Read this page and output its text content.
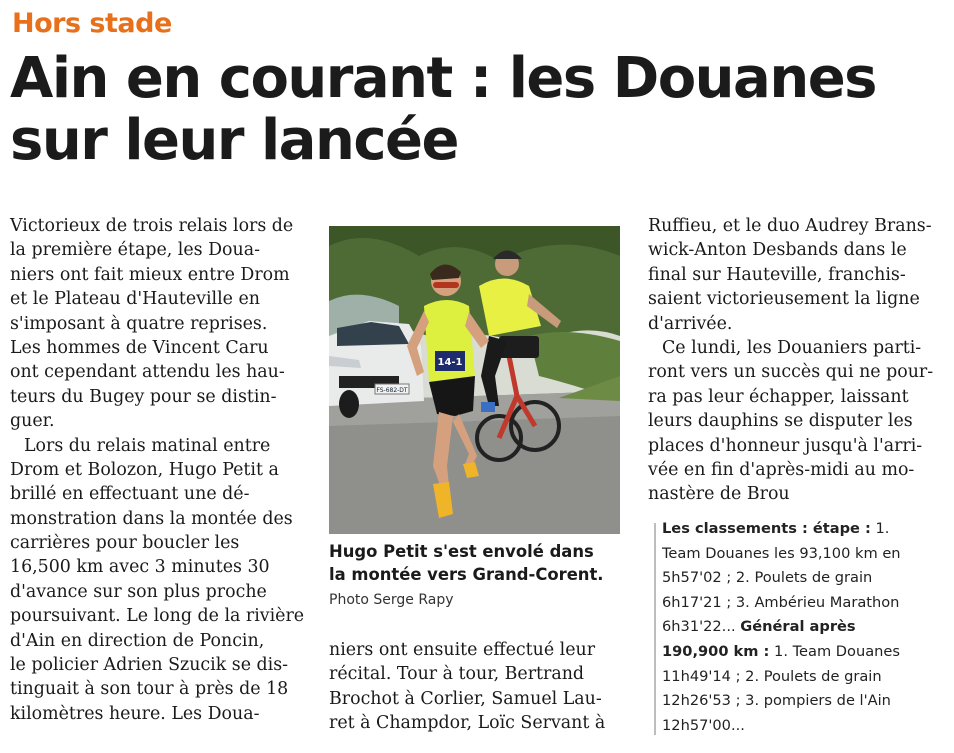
Hors stade
Ain en courant : les Douanes
sur leur lancée
Victorieux de trois relais lors de
la première étape, les Doua-
niers ont fait mieux entre Drom
et le Plateau d'Hauteville en
s'imposant à quatre reprises.
Les hommes de Vincent Caru
ont cependant attendu les hau-
teurs du Bugey pour se distin-
guer.
Lors du relais matinal entre
Drom et Bolozon, Hugo Petit a
brillé en effectuant une dé-
monstration dans la montée des
carrières pour boucler les
16,500 km avec 3 minutes 30
d'avance sur son plus proche
poursuivant. Le long de la rivière
d'Ain en direction de Poncin,
le policier Adrien Szucik se dis-
tinguait à son tour à près de 18
kilomètres heure. Les Doua-
FS-682-DT
14-1
Hugo Petit s'est envolé dans
la montée vers Grand-Corent.
Photo Serge Rapy
niers ont ensuite effectué leur
récital. Tour à tour, Bertrand
Brochot à Corlier, Samuel Lau-
ret à Champdor, Loïc Servant à
Ruffieu, et le duo Audrey Brans-
wick-Anton Desbands dans le
final sur Hauteville, franchis-
saient victorieusement la ligne
d'arrivée.
Ce lundi, les Douaniers parti-
ront vers un succès qui ne pour-
ra pas leur échapper, laissant
leurs dauphins se disputer les
places d'honneur jusqu'à l'arri-
vée en fin d'après-midi au mo-
nastère de Brou
Les classements : étape : 1.
Team Douanes les 93,100 km en
5h57'02 ; 2. Poulets de grain
6h17'21 ; 3. Ambérieu Marathon
6h31'22... Général après
190,900 km : 1. Team Douanes
11h49'14 ; 2. Poulets de grain
12h26'53 ; 3. pompiers de l'Ain
12h57'00...
